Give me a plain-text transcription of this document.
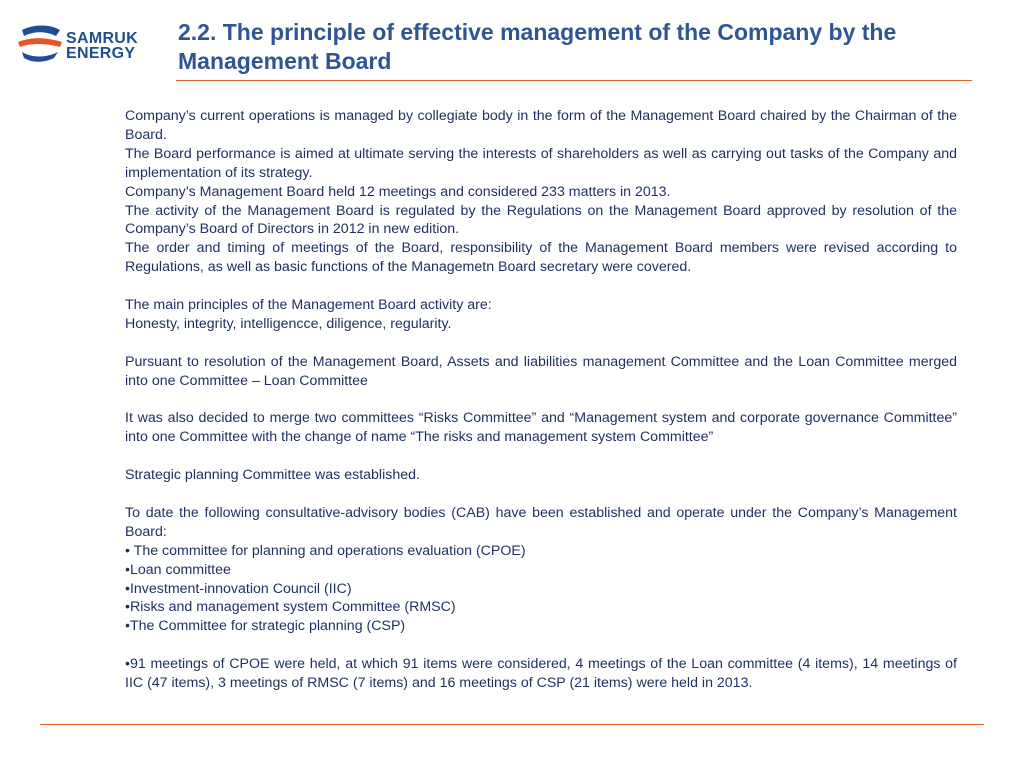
SAMRUK
ENERGY
2.2. The principle of effective management of the Company by the Management Board

Company’s current operations is managed by collegiate body in the form of the Management Board chaired by the Chairman of the Board.

The Board performance is aimed at ultimate serving the interests of shareholders as well as carrying out tasks of the Company and implementation of its strategy.

Company’s Management Board held 12 meetings and considered 233 matters in 2013.

The activity of the Management Board is regulated by the Regulations on the Management Board approved by resolution of the Company’s Board of Directors in 2012 in new edition.

The order and timing of meetings of the Board, responsibility of the Management Board members were revised according to Regulations, as well as basic functions of the Managemetn Board secretary were covered.

The main principles of the Management Board activity are:

Honesty, integrity, intelligencce, diligence, regularity.

Pursuant to resolution of the Management Board, Assets and liabilities management Committee and the Loan Committee merged into one Committee – Loan Committee

It was also decided to merge two committees “Risks Committee” and “Management system and corporate governance Committee” into one Committee with the change of name “The risks and management system Committee”

Strategic planning Committee was established.

To date the following consultative-advisory bodies (CAB) have been established and operate under the Company’s Management Board:

• The committee for planning and operations evaluation (CPOE)
•Loan committee
•Investment-innovation Council (IIC)
•Risks and management system Committee (RMSC)
•The Committee for strategic planning (CSP)

•91 meetings of CPOE were held, at which 91 items were considered, 4 meetings of the Loan committee (4 items), 14 meetings of IIC (47 items), 3 meetings of RMSC (7 items) and 16 meetings of CSP (21 items) were held in 2013.
